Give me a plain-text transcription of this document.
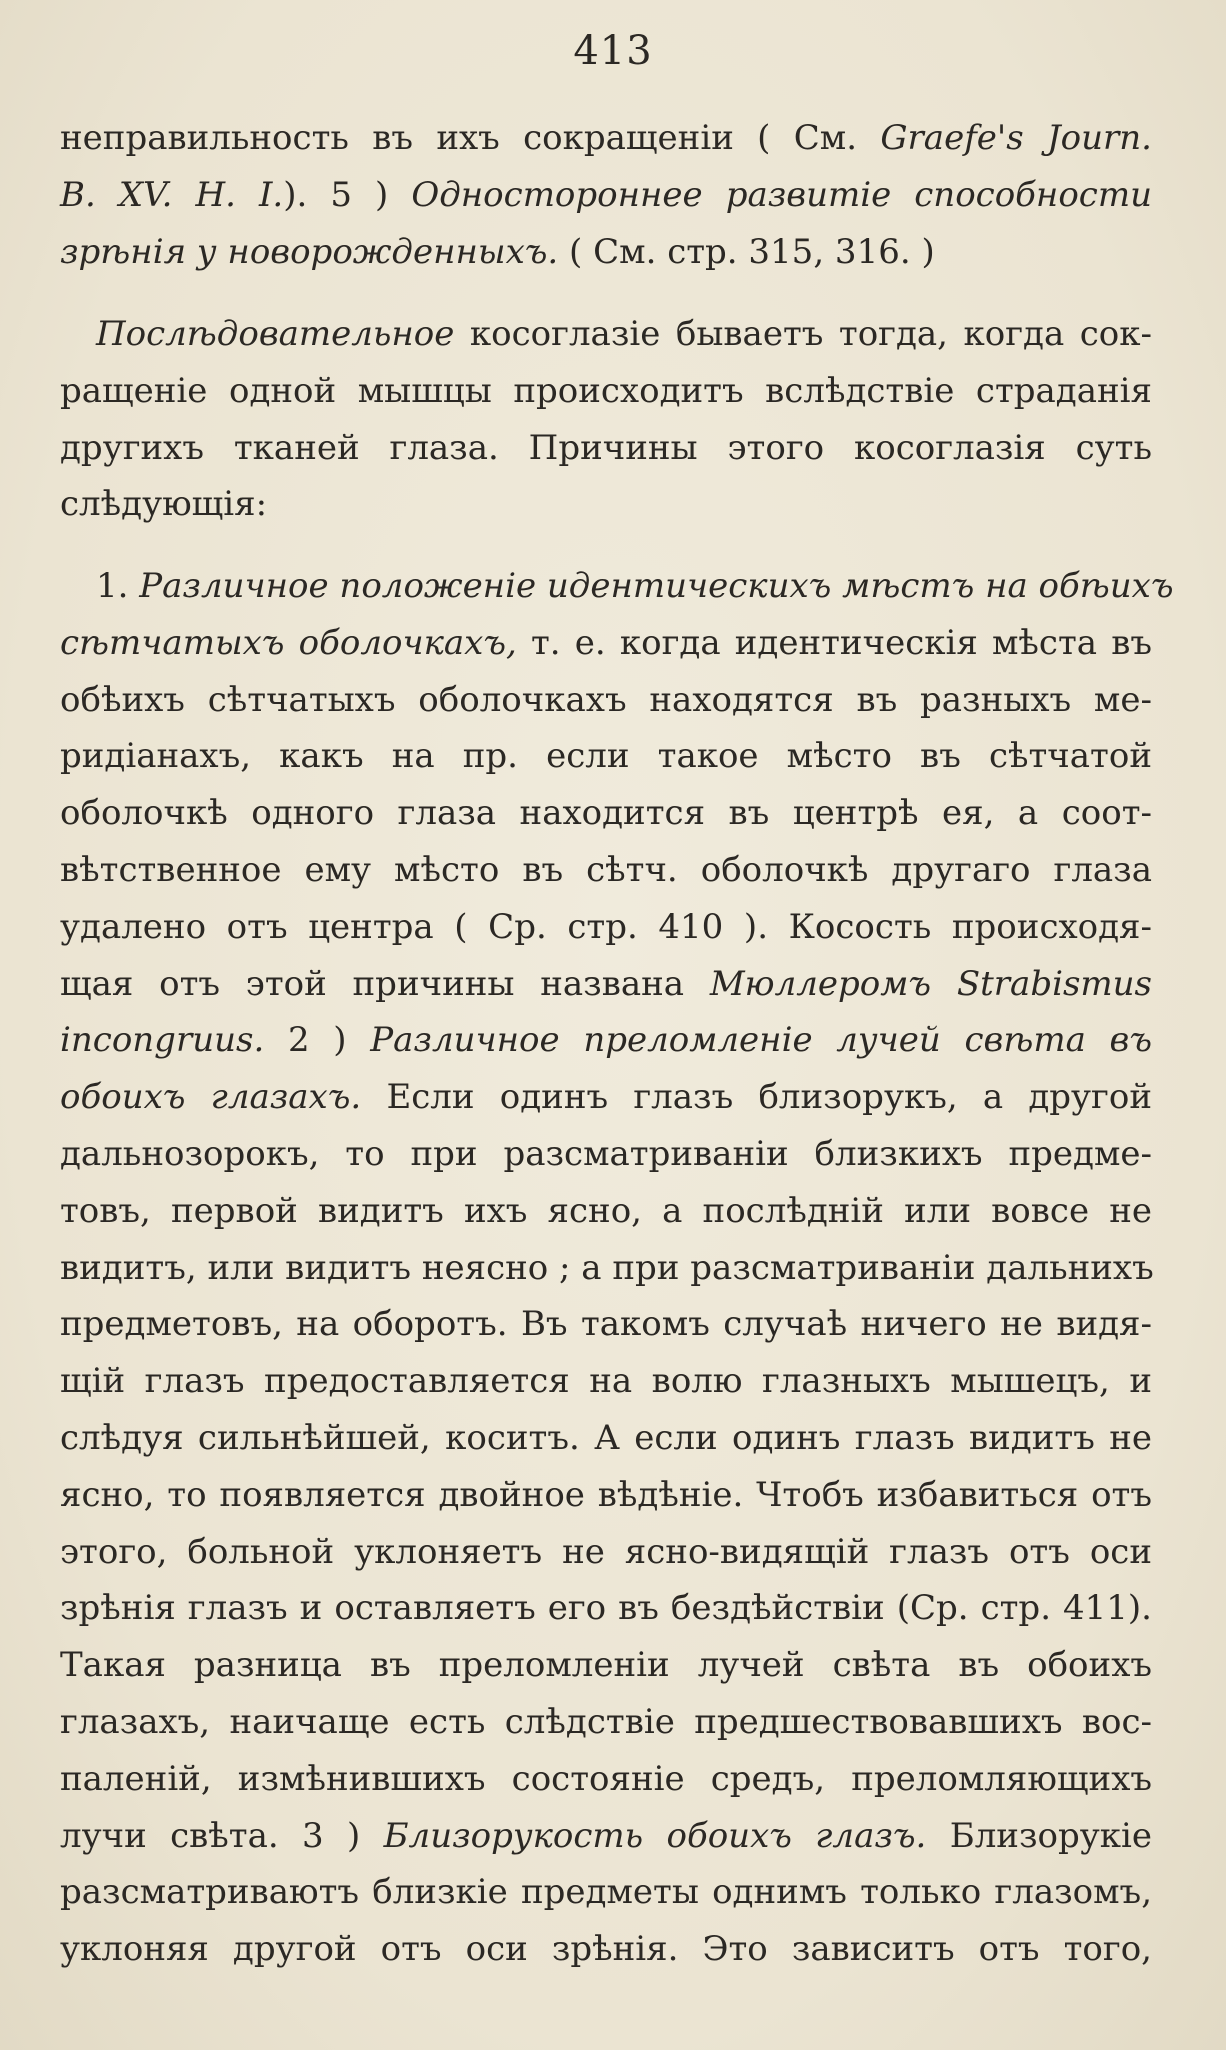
413
неправильность въ ихъ сокращенiи ( См. Graefe's Journ.
B. XV. H. I.). 5 ) Одностороннее развитіе способности
зрѣнія у новорожденныхъ. ( См. стр. 315, 316. )
Послѣдовательное косоглазіе бываетъ тогда, когда сок-
ращеніе одной мышцы происходитъ вслѣдствіе страданія
другихъ тканей глаза. Причины этого косоглазія суть
слѣдующія:
1. Различное положеніе идентическихъ мѣстъ на обѣихъ
сѣтчатыхъ оболочкахъ, т. е. когда идентическія мѣста въ
обѣихъ сѣтчатыхъ оболочкахъ находятся въ разныхъ ме-
ридіанахъ, какъ на пр. если такое мѣсто въ сѣтчатой
оболочкѣ одного глаза находится въ центрѣ ея, а соот-
вѣтственное ему мѣсто въ сѣтч. оболочкѣ другаго глаза
удалено отъ центра ( Ср. стр. 410 ). Косость происходя-
щая отъ этой причины названа Мюллеромъ Strabismus
incongruus. 2 ) Различное преломленіе лучей свѣта въ
обоихъ глазахъ. Если одинъ глазъ близорукъ, а другой
дальнозорокъ, то при разсматриваніи близкихъ предме-
товъ, первой видитъ ихъ ясно, а послѣдній или вовсе не
видитъ, или видитъ неясно ; а при разсматриваніи дальнихъ
предметовъ, на оборотъ. Въ такомъ случаѣ ничего не видя-
щій глазъ предоставляется на волю глазныхъ мышецъ, и
слѣдуя сильнѣйшей, коситъ. А если одинъ глазъ видитъ не
ясно, то появляется двойное вѣдѣніе. Чтобъ избавиться отъ
этого, больной уклоняетъ не ясно-видящій глазъ отъ оси
зрѣнія глазъ и оставляетъ его въ бездѣйствіи (Ср. стр. 411).
Такая разница въ преломленіи лучей свѣта въ обоихъ
глазахъ, наичаще есть слѣдствіе предшествовавшихъ вос-
паленій, измѣнившихъ состояніе средъ, преломляющихъ
лучи свѣта. 3 ) Близорукость обоихъ глазъ. Близорукіе
разсматриваютъ близкіе предметы однимъ только глазомъ,
уклоняя другой отъ оси зрѣнія. Это зависитъ отъ того,
